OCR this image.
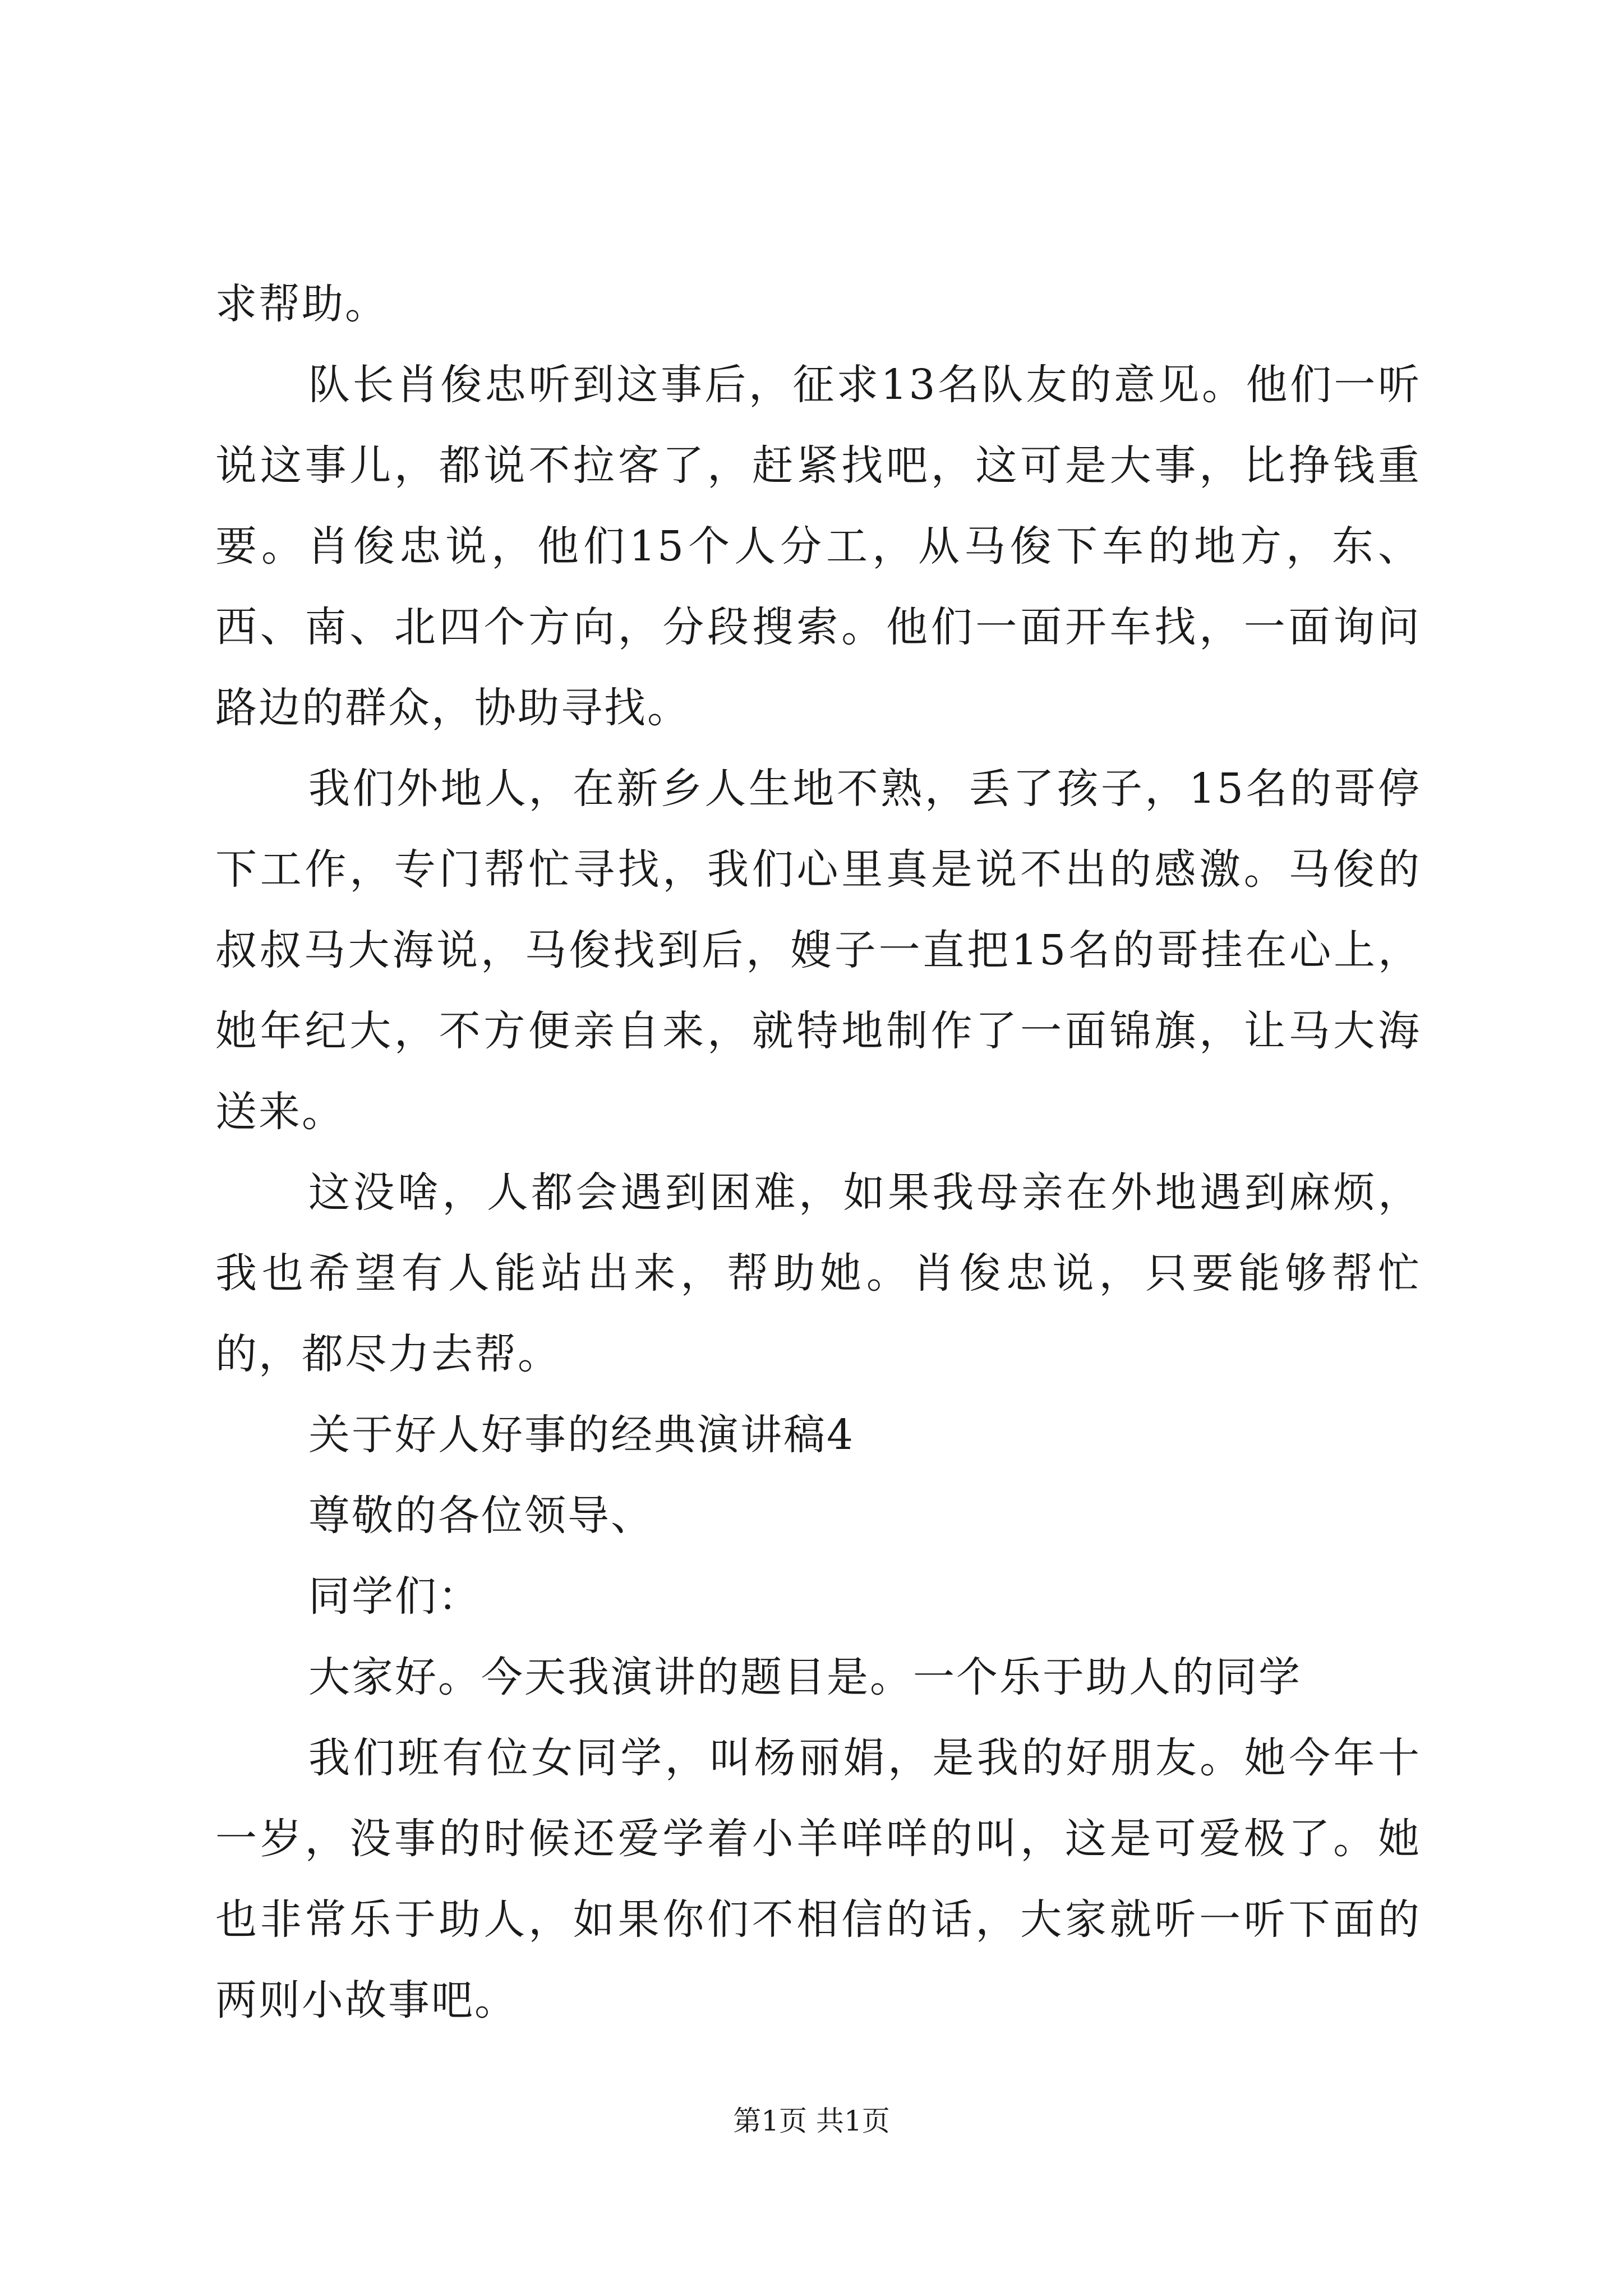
求帮助。

队长肖俊忠听到这事后，征求13名队友的意见。他们一听说这事儿，都说不拉客了，赶紧找吧，这可是大事，比挣钱重要。肖俊忠说，他们15个人分工，从马俊下车的地方，东、西、南、北四个方向，分段搜索。他们一面开车找，一面询问路边的群众，协助寻找。

我们外地人，在新乡人生地不熟，丢了孩子，15名的哥停下工作，专门帮忙寻找，我们心里真是说不出的感激。马俊的叔叔马大海说，马俊找到后，嫂子一直把15名的哥挂在心上，她年纪大，不方便亲自来，就特地制作了一面锦旗，让马大海送来。

这没啥，人都会遇到困难，如果我母亲在外地遇到麻烦，我也希望有人能站出来，帮助她。肖俊忠说，只要能够帮忙的，都尽力去帮。

关于好人好事的经典演讲稿4

尊敬的各位领导、

同学们：

大家好。今天我演讲的题目是。一个乐于助人的同学

我们班有位女同学，叫杨丽娟，是我的好朋友。她今年十一岁，没事的时候还爱学着小羊咩咩的叫，这是可爱极了。她也非常乐于助人，如果你们不相信的话，大家就听一听下面的两则小故事吧。

第1页 共1页
